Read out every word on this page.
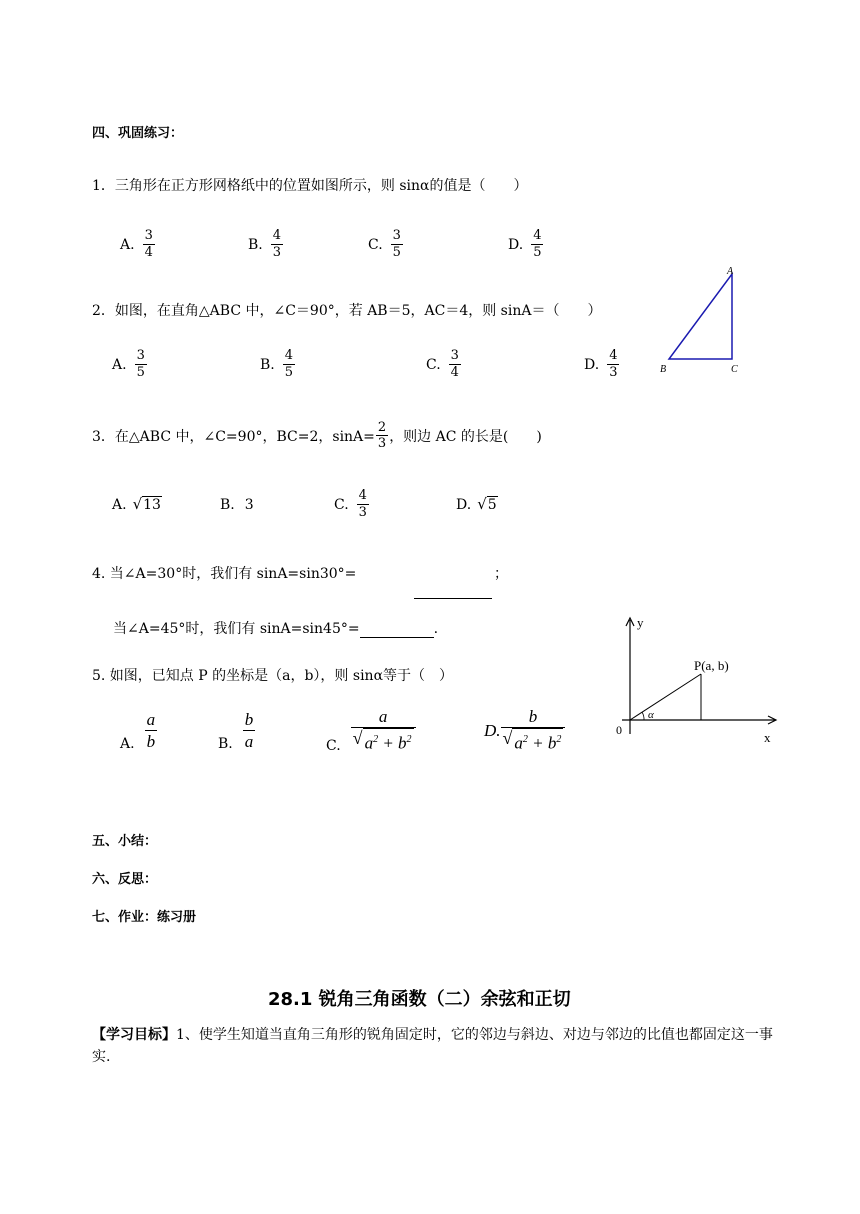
四、巩固练习：
1．三角形在正方形网格纸中的位置如图所示，则 sinα的值是（　　）
A. $\frac{3}{4}$	B. $\frac{4}{3}$	C. $\frac{3}{5}$	D. $\frac{4}{5}$
2．如图，在直角△ABC 中，∠C＝90°，若 AB＝5，AC＝4，则 sinA＝（　　）
A. $\frac{3}{5}$	B. $\frac{4}{5}$	C. $\frac{3}{4}$	D. $\frac{4}{3}$
A
B	C
3．在△ABC 中，∠C=90°，BC=2，$\sin A= \frac{2}{3}$ ，则边 AC 的长是(　　)
A. √ 13	B. 3	C. $\frac{4}{3}$	D. √ 5
4. 当∠A=30°时，我们有 sinA=sin30°=	；
当∠A=45°时，我们有 sinA=sin45°=	.
5. 如图，已知点 P 的坐标是（a，b），则 sinα等于（　）
A. $\frac{a}{b}$	B. $\frac{b}{a}$	C. $\frac{a}{√ a^2 + b^2}$	D. $\frac{b}{√ a^2 + b^2}$
y
x
0
P(a, b)
α
五、小结：
六、反思：
七、作业：练习册
28.1 锐角三角函数（二）余弦和正切
【学习目标】1、使学生知道当直角三角形的锐角固定时，它的邻边与斜边、对边与邻边的比值也都固定这一事实.
